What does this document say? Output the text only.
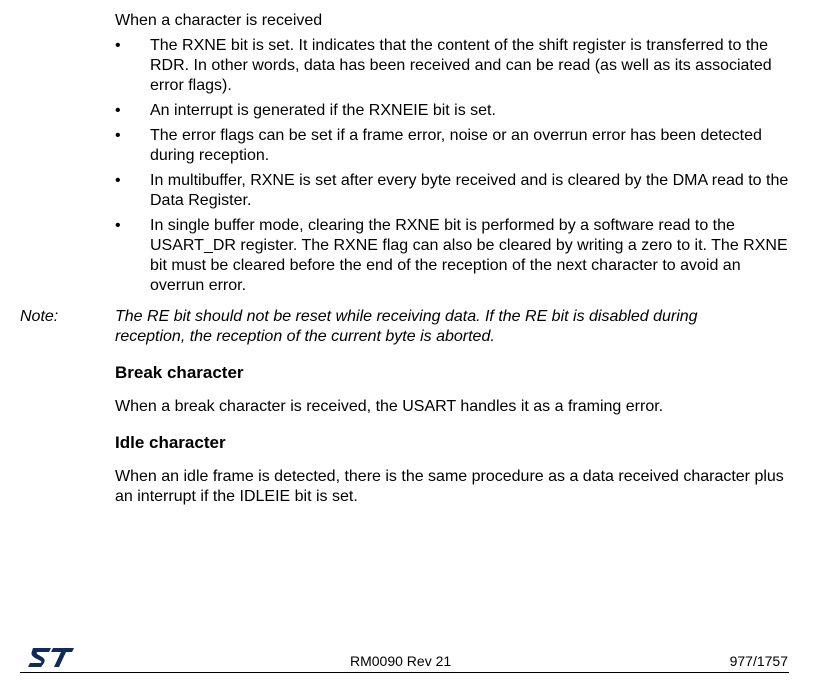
When a character is received
•	The RXNE bit is set. It indicates that the content of the shift register is transferred to the RDR. In other words, data has been received and can be read (as well as its associated error flags).
•	An interrupt is generated if the RXNEIE bit is set.
•	The error flags can be set if a frame error, noise or an overrun error has been detected during reception.
•	In multibuffer, RXNE is set after every byte received and is cleared by the DMA read to the Data Register.
•	In single buffer mode, clearing the RXNE bit is performed by a software read to the USART_DR register. The RXNE flag can also be cleared by writing a zero to it. The RXNE bit must be cleared before the end of the reception of the next character to avoid an overrun error.
Note:	The RE bit should not be reset while receiving data. If the RE bit is disabled during reception, the reception of the current byte is aborted.
Break character
When a break character is received, the USART handles it as a framing error.
Idle character
When an idle frame is detected, there is the same procedure as a data received character plus an interrupt if the IDLEIE bit is set.
RM0090 Rev 21	977/1757
